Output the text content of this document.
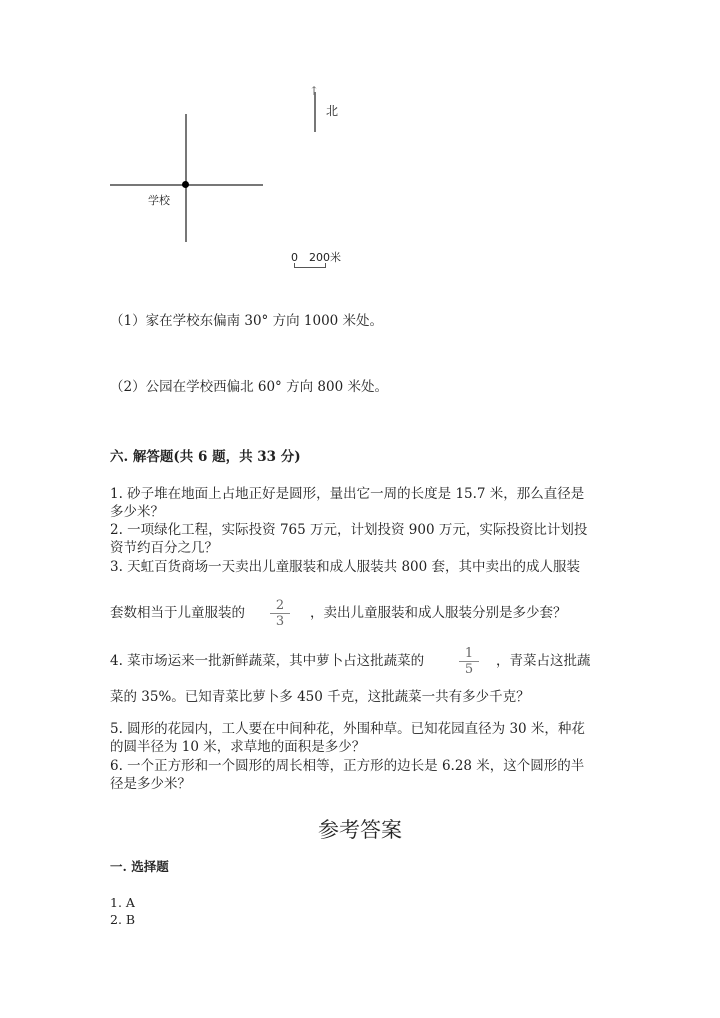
学校
↑
北
0 200米
（1）家在学校东偏南 30° 方向 1000 米处。
（2）公园在学校西偏北 60° 方向 800 米处。
六. 解答题(共 6 题，共 33 分)
1. 砂子堆在地面上占地正好是圆形，量出它一周的长度是 15.7 米，那么直径是
多少米？
2. 一项绿化工程，实际投资 765 万元，计划投资 900 万元，实际投资比计划投
资节约百分之几？
3. 天虹百货商场一天卖出儿童服装和成人服装共 800 套，其中卖出的成人服装
套数相当于儿童服装的 $\frac{2}{3}$ ，卖出儿童服装和成人服装分别是多少套？
4. 菜市场运来一批新鲜蔬菜，其中萝卜占这批蔬菜的	$\frac{1}{5}$ ，青菜占这批蔬
菜的 35%。已知青菜比萝卜多 450 千克，这批蔬菜一共有多少千克？
5. 圆形的花园内，工人要在中间种花，外围种草。已知花园直径为 30 米，种花
的圆半径为 10 米，求草地的面积是多少？
6. 一个正方形和一个圆形的周长相等，正方形的边长是 6.28 米，这个圆形的半
径是多少米？
参考答案
一. 选择题
1. A
2. B
